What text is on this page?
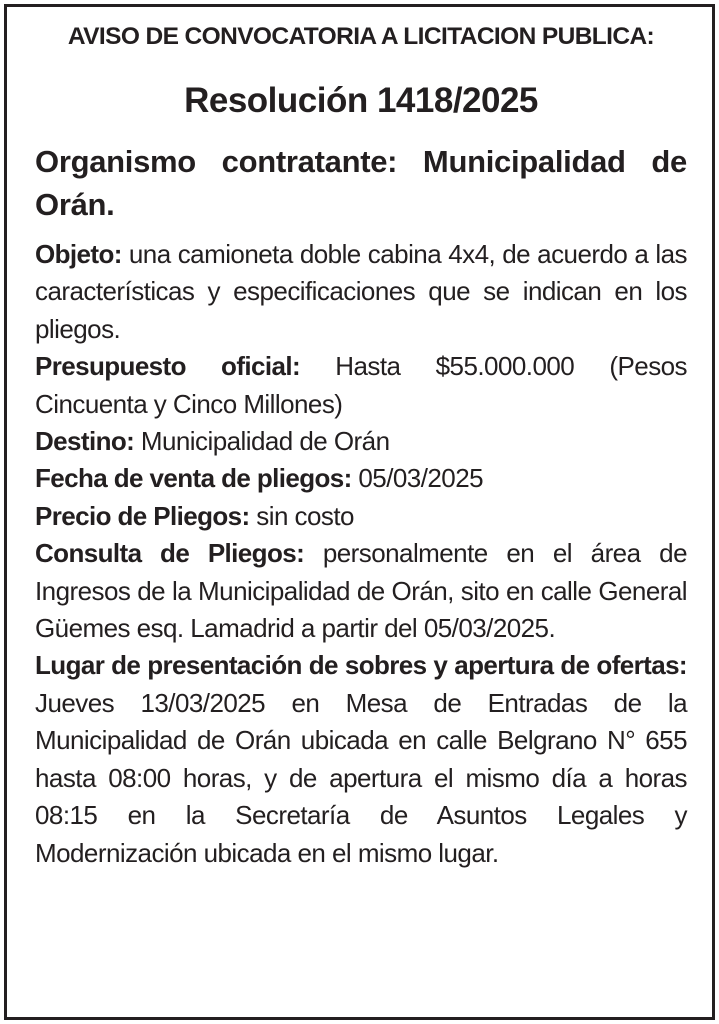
AVISO DE CONVOCATORIA A LICITACION PUBLICA:
Resolución 1418/2025
Organismo contratante: Municipalidad de Orán.

Objeto: una camioneta doble cabina 4x4, de acuerdo a las características y especificaciones que se indican en los pliegos.

Presupuesto oficial: Hasta $55.000.000 (Pesos Cincuenta y Cinco Millones)

Destino: Municipalidad de Orán

Fecha de venta de pliegos: 05/03/2025

Precio de Pliegos: sin costo

Consulta de Pliegos: personalmente en el área de Ingresos de la Municipalidad de Orán, sito en calle General Güemes esq. Lamadrid a partir del 05/03/2025.

Lugar de presentación de sobres y apertura de ofertas: Jueves 13/03/2025 en Mesa de Entradas de la Municipalidad de Orán ubicada en calle Belgrano N° 655 hasta 08:00 horas, y de apertura el mismo día a horas 08:15 en la Secretaría de Asuntos Legales y Modernización ubicada en el mismo lugar.
